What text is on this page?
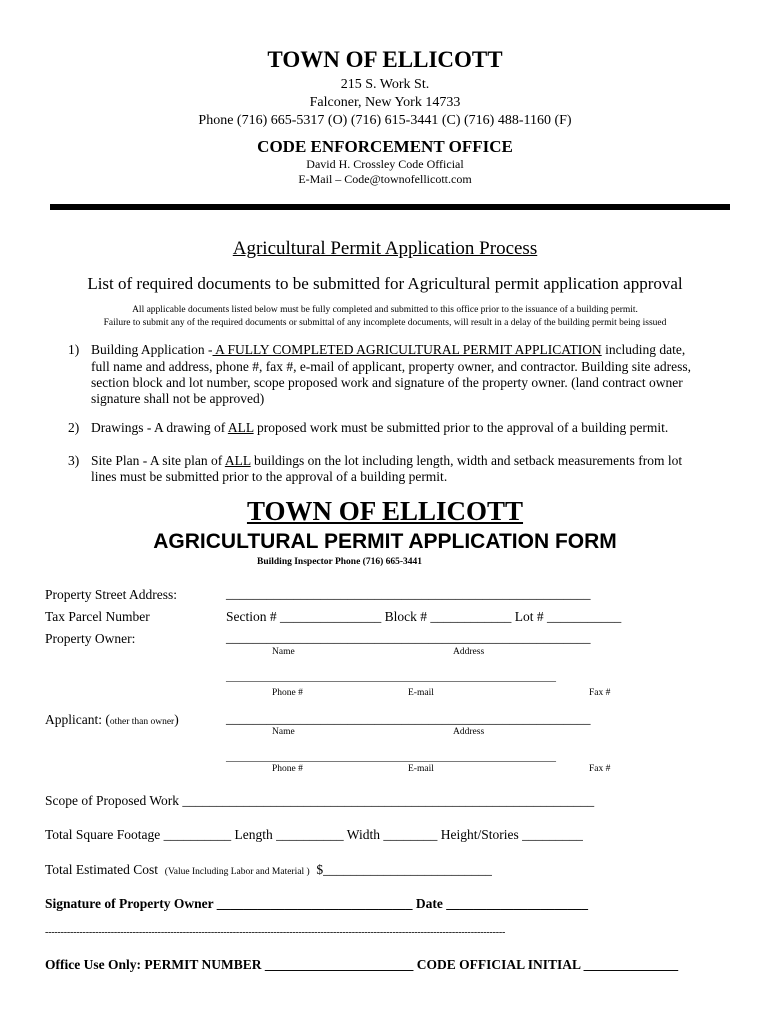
TOWN OF ELLICOTT
215 S. Work St.
Falconer, New York 14733
Phone (716) 665-5317 (O) (716) 615-3441 (C) (716) 488-1160 (F)
CODE ENFORCEMENT OFFICE
David H. Crossley Code Official
E-Mail – Code@townofellicott.com
Agricultural Permit Application Process
List of required documents to be submitted for Agricultural permit application approval
All applicable documents listed below must be fully completed and submitted to this office prior to the issuance of a building permit.
Failure to submit any of the required documents or submittal of any incomplete documents, will result in a delay of the building permit being issued
1) Building Application - A FULLY COMPLETED AGRICULTURAL PERMIT APPLICATION including date,
full name and address, phone #, fax #, e-mail of applicant, property owner, and contractor. Building site adress,
section block and lot number, scope proposed work and signature of the property owner. (land contract owner
signature shall not be approved)
2) Drawings - A drawing of ALL proposed work must be submitted prior to the approval of a building permit.
3) Site Plan - A site plan of ALL buildings on the lot including length, width and setback measurements from lot
lines must be submitted prior to the approval of a building permit.
TOWN OF ELLICOTT
AGRICULTURAL PERMIT APPLICATION FORM
Building Inspector Phone (716) 665-3441
Property Street Address:	______________________________________________________
Tax Parcel Number	Section # _______________ Block # ____________ Lot # ___________
Property Owner:	______________________________________________________
Name	Address
__________________________________________________________________
Phone #	E-mail	Fax #
Applicant: (other than owner)	______________________________________________________
Name	Address
__________________________________________________________________
Phone #	E-mail	Fax #
Scope of Proposed Work _____________________________________________________________
Total Square Footage __________ Length __________ Width ________ Height/Stories _________
Total Estimated Cost (Value Including Labor and Material ) $_________________________
Signature of Property Owner _____________________________ Date _____________________
---------------------------------------------------------------------------------------------------------------------------------------------------
Office Use Only: PERMIT NUMBER ______________________ CODE OFFICIAL INITIAL ______________
